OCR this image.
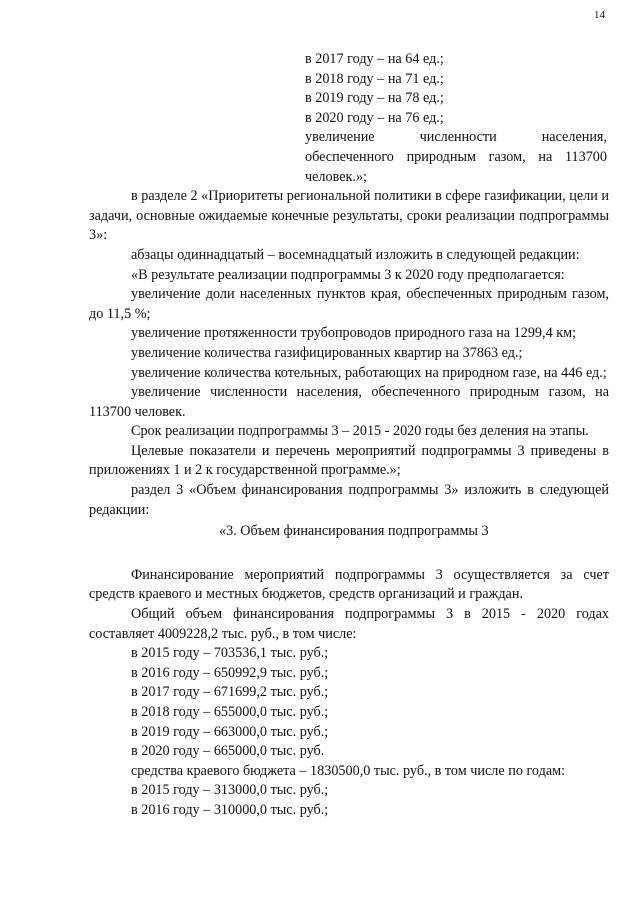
14

в 2017 году – на 64 ед.;

в 2018 году – на 71 ед.;

в 2019 году – на 78 ед.;

в 2020 году – на 76 ед.;

увеличение численности населения, обеспеченного природным газом, на 113700 человек.»;

в разделе 2 «Приоритеты региональной политики в сфере газификации, цели и задачи, основные ожидаемые конечные результаты, сроки реализации подпрограммы 3»:

абзацы одиннадцатый – восемнадцатый изложить в следующей редакции:

«В результате реализации подпрограммы 3 к 2020 году предполагается:

увеличение доли населенных пунктов края, обеспеченных природным газом, до 11,5 %;

увеличение протяженности трубопроводов природного газа на 1299,4 км;

увеличение количества газифицированных квартир на 37863 ед.;

увеличение количества котельных, работающих на природном газе, на 446 ед.;

увеличение численности населения, обеспеченного природным газом, на 113700 человек.

Срок реализации подпрограммы 3 – 2015 - 2020 годы без деления на этапы.

Целевые показатели и перечень мероприятий подпрограммы 3 приведены в приложениях 1 и 2 к государственной программе.»;

раздел 3 «Объем финансирования подпрограммы 3» изложить в следующей редакции:

«3. Объем финансирования подпрограммы 3

Финансирование мероприятий подпрограммы 3 осуществляется за счет средств краевого и местных бюджетов, средств организаций и граждан.

Общий объем финансирования подпрограммы 3 в 2015 - 2020 годах составляет 4009228,2 тыс. руб., в том числе:

в 2015 году – 703536,1 тыс. руб.;

в 2016 году – 650992,9 тыс. руб.;

в 2017 году – 671699,2 тыс. руб.;

в 2018 году – 655000,0 тыс. руб.;

в 2019 году – 663000,0 тыс. руб.;

в 2020 году – 665000,0 тыс. руб.

средства краевого бюджета – 1830500,0 тыс. руб., в том числе по годам:

в 2015 году – 313000,0 тыс. руб.;

в 2016 году – 310000,0 тыс. руб.;
